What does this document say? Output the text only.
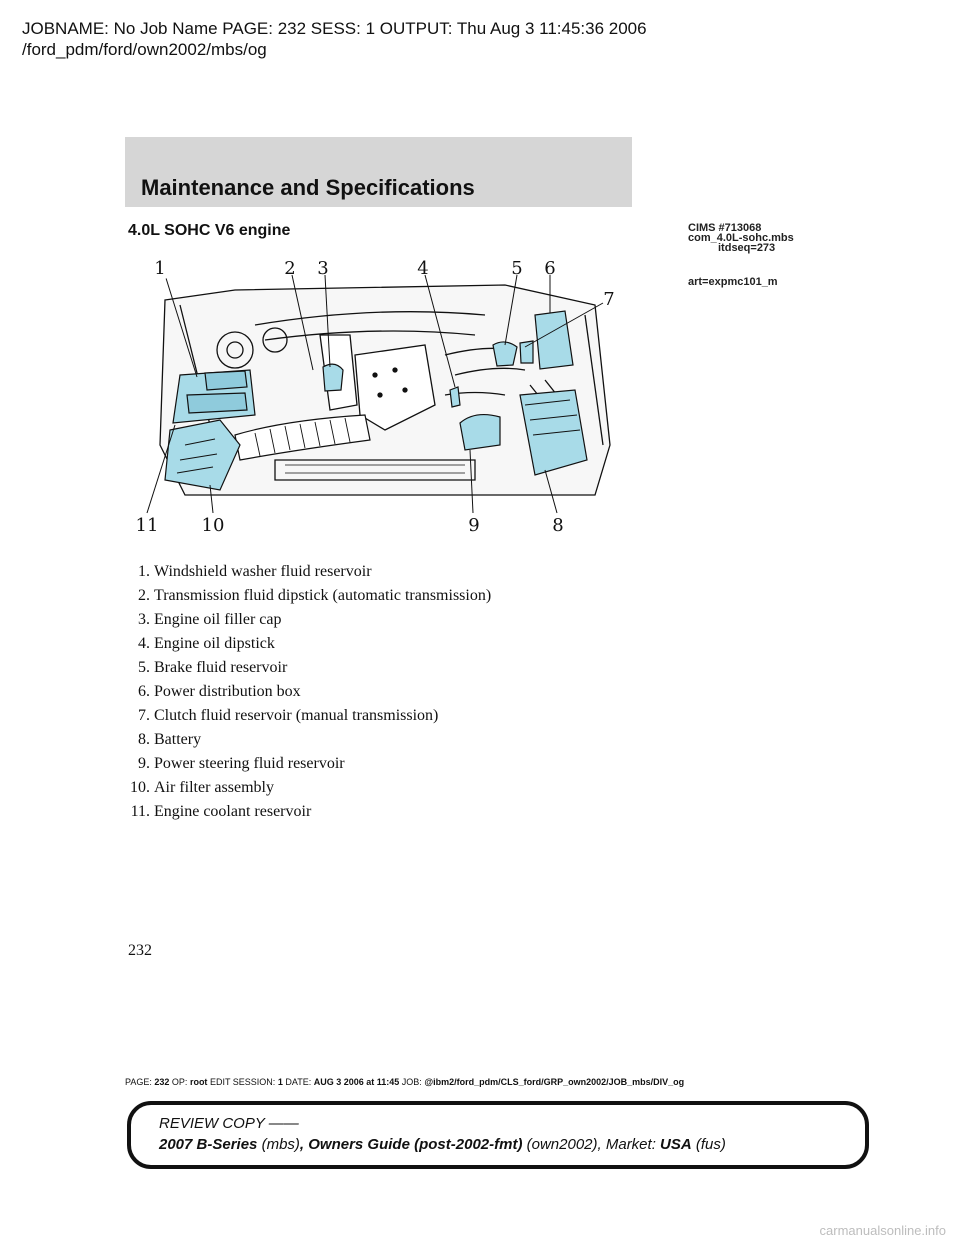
JOBNAME: No Job Name PAGE: 232 SESS: 1 OUTPUT: Thu Aug 3 11:45:36 2006
/ford_pdm/ford/own2002/mbs/og
Maintenance and Specifications
4.0L SOHC V6 engine	CIMS #713068
com_4.0L-sohc.mbs
itdseq=273
art=expmc101_m
1	2 3	4	5 6
7
8
9
10
11
1. Windshield washer fluid reservoir
2. Transmission fluid dipstick (automatic transmission)
3. Engine oil filler cap
4. Engine oil dipstick
5. Brake fluid reservoir
6. Power distribution box
7. Clutch fluid reservoir (manual transmission)
8. Battery
9. Power steering fluid reservoir
10. Air filter assembly
11. Engine coolant reservoir
232
PAGE: 232 OP: root EDIT SESSION: 1 DATE: AUG 3 2006 at 11:45 JOB: @ibm2/ford_pdm/CLS_ford/GRP_own2002/JOB_mbs/DIV_og
REVIEW COPY ——
2007 B-Series (mbs), Owners Guide (post-2002-fmt) (own2002), Market: USA (fus)
carmanualsonline.info
